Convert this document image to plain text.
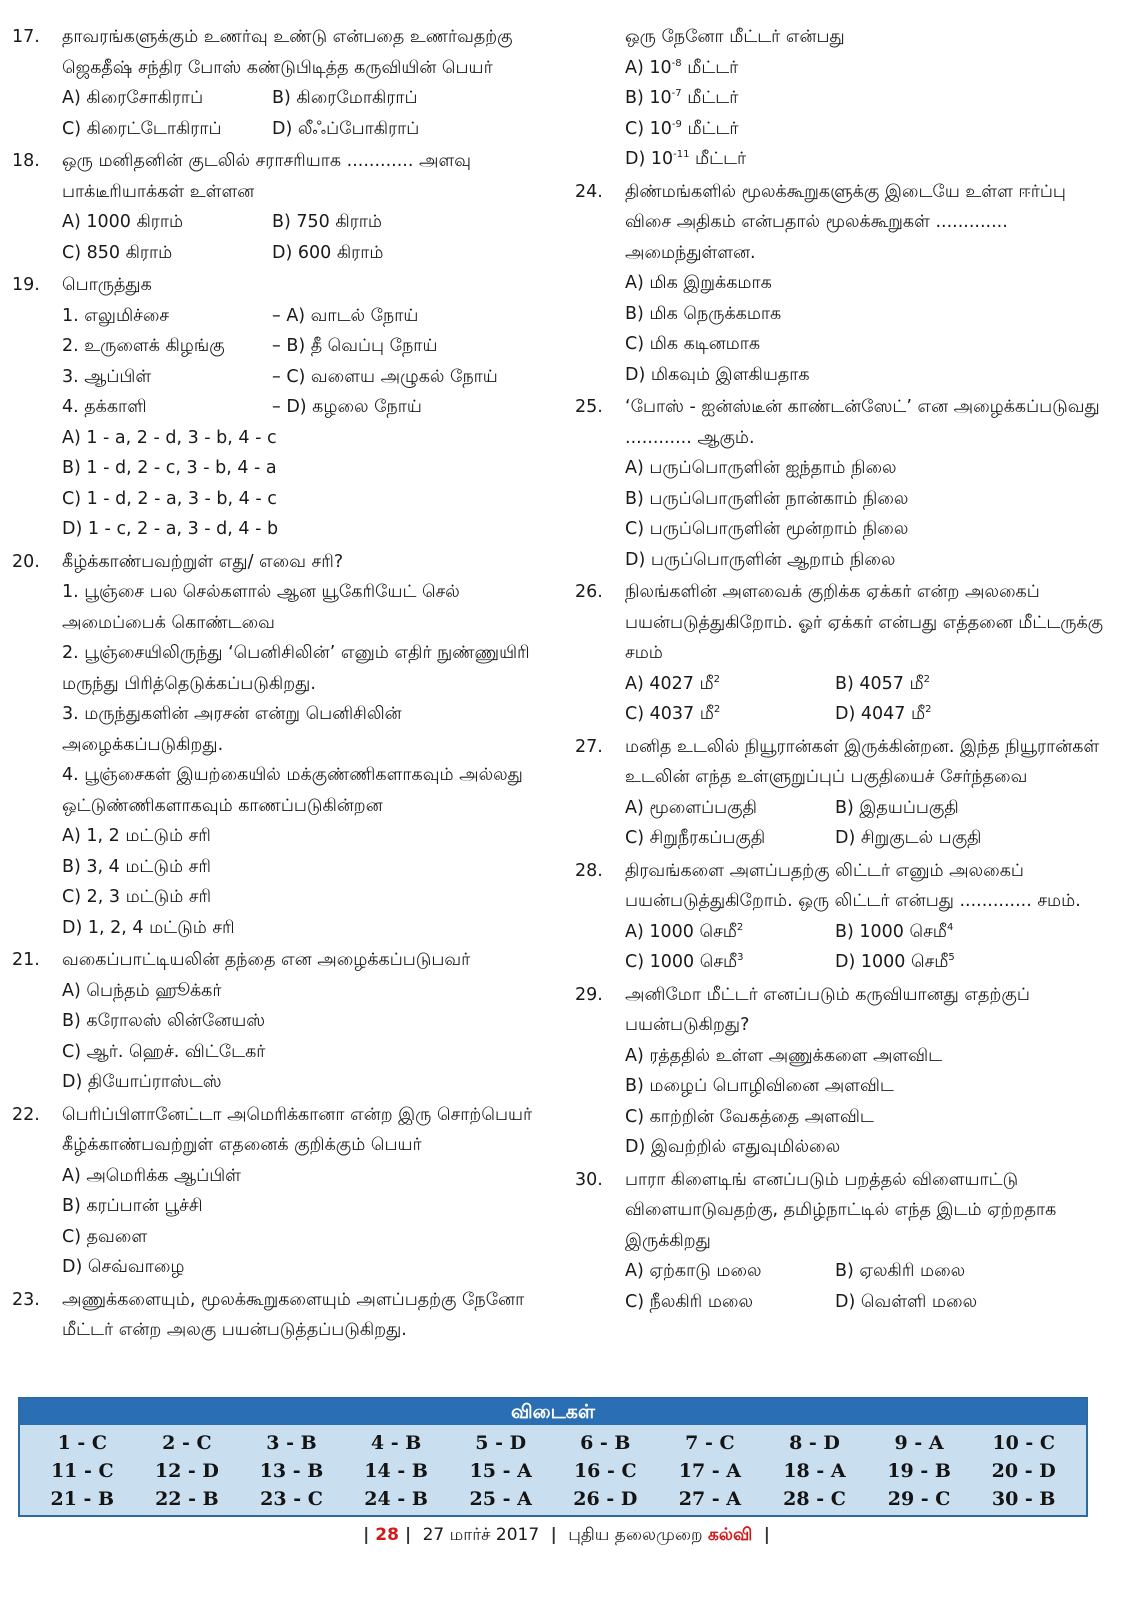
17.	தாவரங்களுக்கும் உணர்வு உண்டு என்பதை உணர்வதற்கு ஜெகதீஷ் சந்திர போஸ் கண்டுபிடித்த கருவியின் பெயர்
A) கிரைசோகிராப்	B) கிரைமோகிராப்
C) கிரைட்டோகிராப்	D) லீஃப்போகிராப்
18.	ஒரு மனிதனின் குடலில் சராசரியாக ............ அளவு பாக்டீரியாக்கள் உள்ளன
A) 1000 கிராம்	B) 750 கிராம்
C) 850 கிராம்	D) 600 கிராம்
19.	பொருத்துக
1. எலுமிச்சை	– A) வாடல் நோய்
2. உருளைக் கிழங்கு	– B) தீ வெப்பு நோய்
3. ஆப்பிள்	– C) வளைய அழுகல் நோய்
4. தக்காளி	– D) கழலை நோய்
A) 1 - a, 2 - d, 3 - b, 4 - c
B) 1 - d, 2 - c, 3 - b, 4 - a
C) 1 - d, 2 - a, 3 - b, 4 - c
D) 1 - c, 2 - a, 3 - d, 4 - b
20.	கீழ்க்காண்பவற்றுள் எது/ எவை சரி?
1. பூஞ்சை பல செல்களால் ஆன யூகேரியேட் செல் அமைப்பைக் கொண்டவை
2. பூஞ்சையிலிருந்து ‘பெனிசிலின்’ எனும் எதிர் நுண்ணுயிரி மருந்து பிரித்தெடுக்கப்படுகிறது.
3. மருந்துகளின் அரசன் என்று பெனிசிலின் அழைக்கப்படுகிறது.
4. பூஞ்சைகள் இயற்கையில் மக்குண்ணிகளாகவும் அல்லது ஒட்டுண்ணிகளாகவும் காணப்படுகின்றன
A) 1, 2 மட்டும் சரி
B) 3, 4 மட்டும் சரி
C) 2, 3 மட்டும் சரி
D) 1, 2, 4 மட்டும் சரி
21.	வகைப்பாட்டியலின் தந்தை என அழைக்கப்படுபவர்
A) பெந்தம் ஹூக்கர்
B) கரோலஸ் லின்னேயஸ்
C) ஆர். ஹெச். விட்டேகர்
D) தியோப்ராஸ்டஸ்
22.	பெரிப்பிளானேட்டா அமெரிக்கானா என்ற இரு சொற்பெயர் கீழ்க்காண்பவற்றுள் எதனைக் குறிக்கும் பெயர்
A) அமெரிக்க ஆப்பிள்
B) கரப்பான் பூச்சி
C) தவளை
D) செவ்வாழை
23.	அணுக்களையும், மூலக்கூறுகளையும் அளப்பதற்கு நேனோ மீட்டர் என்ற அலகு பயன்படுத்தப்படுகிறது.
ஒரு நேனோ மீட்டர் என்பது
A) $10^{-8}$ மீட்டர்
B) $10^{-7}$ மீட்டர்
C) $10^{-9}$ மீட்டர்
D) $10^{-11}$ மீட்டர்
24.	திண்மங்களில் மூலக்கூறுகளுக்கு இடையே உள்ள ஈர்ப்பு விசை அதிகம் என்பதால் மூலக்கூறுகள் ............. அமைந்துள்ளன.
A) மிக இறுக்கமாக
B) மிக நெருக்கமாக
C) மிக கடினமாக
D) மிகவும் இளகியதாக
25.	‘போஸ் - ஐன்ஸ்டீன் காண்டன்ஸேட்’ என அழைக்கப்படுவது ............ ஆகும்.
A) பருப்பொருளின் ஐந்தாம் நிலை
B) பருப்பொருளின் நான்காம் நிலை
C) பருப்பொருளின் மூன்றாம் நிலை
D) பருப்பொருளின் ஆறாம் நிலை
26.	நிலங்களின் அளவைக் குறிக்க ஏக்கர் என்ற அலகைப் பயன்படுத்துகிறோம். ஓர் ஏக்கர் என்பது எத்தனை மீட்டருக்கு சமம்
A) 4027 மீ$^2$	B) 4057 மீ$^2$
C) 4037 மீ$^2$	D) 4047 மீ$^2$
27.	மனித உடலில் நியூரான்கள் இருக்கின்றன. இந்த நியூரான்கள் உடலின் எந்த உள்ளுறுப்புப் பகுதியைச் சேர்ந்தவை
A) மூளைப்பகுதி	B) இதயப்பகுதி
C) சிறுநீரகப்பகுதி	D) சிறுகுடல் பகுதி
28.	திரவங்களை அளப்பதற்கு லிட்டர் எனும் அலகைப் பயன்படுத்துகிறோம். ஒரு லிட்டர் என்பது ............. சமம்.
A) 1000 செமீ$^2$	B) 1000 செமீ$^4$
C) 1000 செமீ$^3$	D) 1000 செமீ$^5$
29.	அனிமோ மீட்டர் எனப்படும் கருவியானது எதற்குப் பயன்படுகிறது?
A) ரத்ததில் உள்ள அணுக்களை அளவிட
B) மழைப் பொழிவினை அளவிட
C) காற்றின் வேகத்தை அளவிட
D) இவற்றில் எதுவுமில்லை
30.	பாரா கிளைடிங் எனப்படும் பறத்தல் விளையாட்டு விளையாடுவதற்கு, தமிழ்நாட்டில் எந்த இடம் ஏற்றதாக இருக்கிறது
A) ஏற்காடு மலை	B) ஏலகிரி மலை
C) நீலகிரி மலை	D) வெள்ளி மலை
விடைகள்
1 - C	2 - C	3 - B	4 - B	5 - D	6 - B	7 - C	8 - D	9 - A	10 - C
11 - C	12 - D	13 - B	14 - B	15 - A	16 - C	17 - A	18 - A	19 - B	20 - D
21 - B	22 - B	23 - C	24 - B	25 - A	26 - D	27 - A	28 - C	29 - C	30 - B
| 28 | 27 மார்ச் 2017 | புதிய தலைமுறை கல்வி |
